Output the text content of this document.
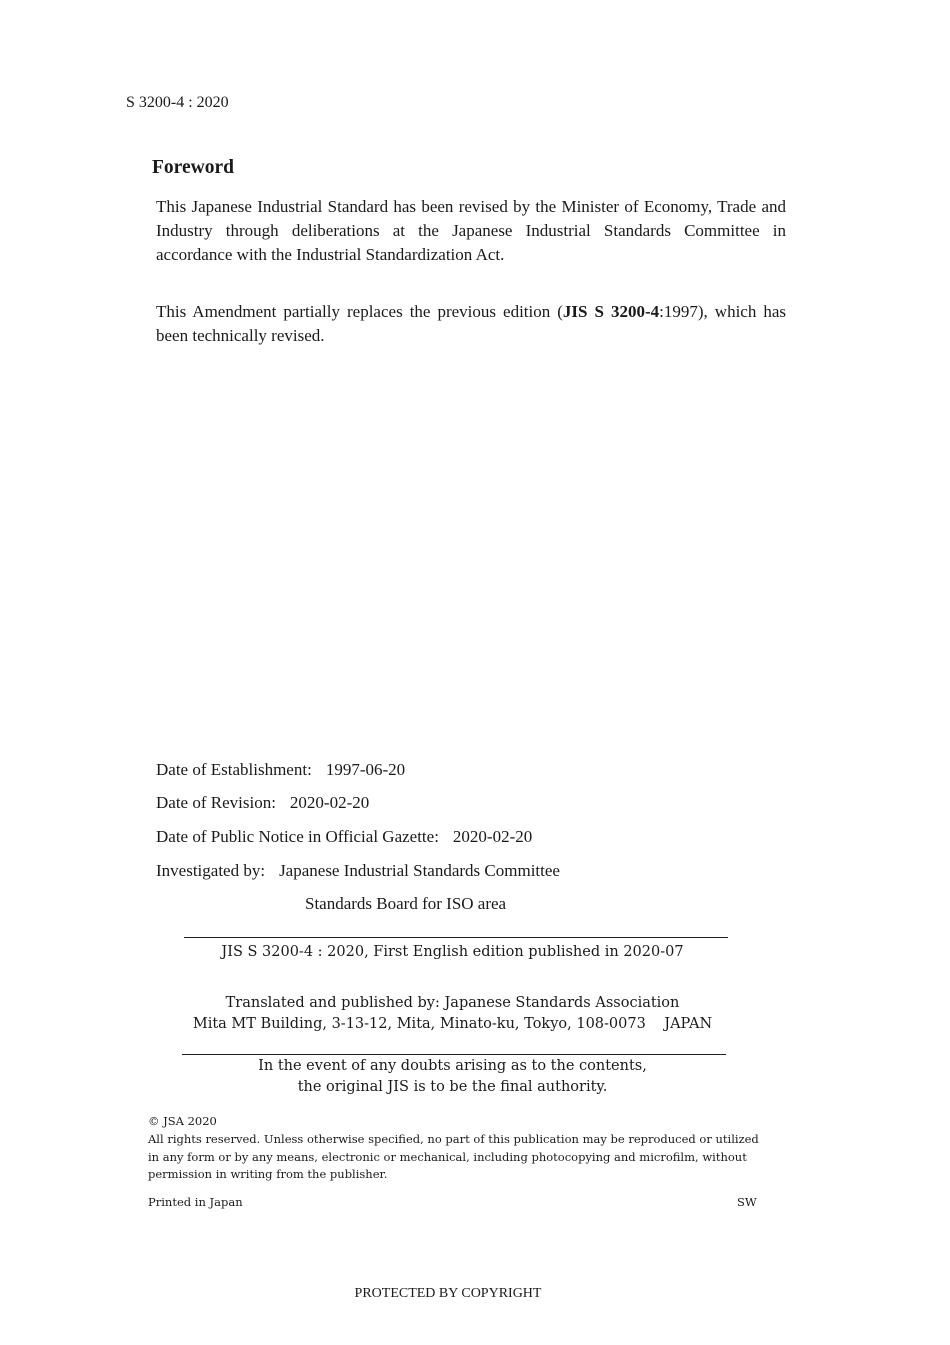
S 3200-4 : 2020
Foreword
This Japanese Industrial Standard has been revised by the Minister of Economy, Trade and Industry through deliberations at the Japanese Industrial Standards Committee in accordance with the Industrial Standardization Act.
This Amendment partially replaces the previous edition (JIS S 3200-4:1997), which has been technically revised.
Date of Establishment: 1997-06-20
Date of Revision: 2020-02-20
Date of Public Notice in Official Gazette: 2020-02-20
Investigated by: Japanese Industrial Standards Committee
Standards Board for ISO area
JIS S 3200-4 : 2020, First English edition published in 2020-07
Translated and published by: Japanese Standards Association
Mita MT Building, 3-13-12, Mita, Minato-ku, Tokyo, 108-0073    JAPAN
In the event of any doubts arising as to the contents,
the original JIS is to be the final authority.
© JSA 2020
All rights reserved. Unless otherwise specified, no part of this publication may be reproduced or utilized
in any form or by any means, electronic or mechanical, including photocopying and microfilm, without
permission in writing from the publisher.
Printed in Japan	SW
PROTECTED BY COPYRIGHT
